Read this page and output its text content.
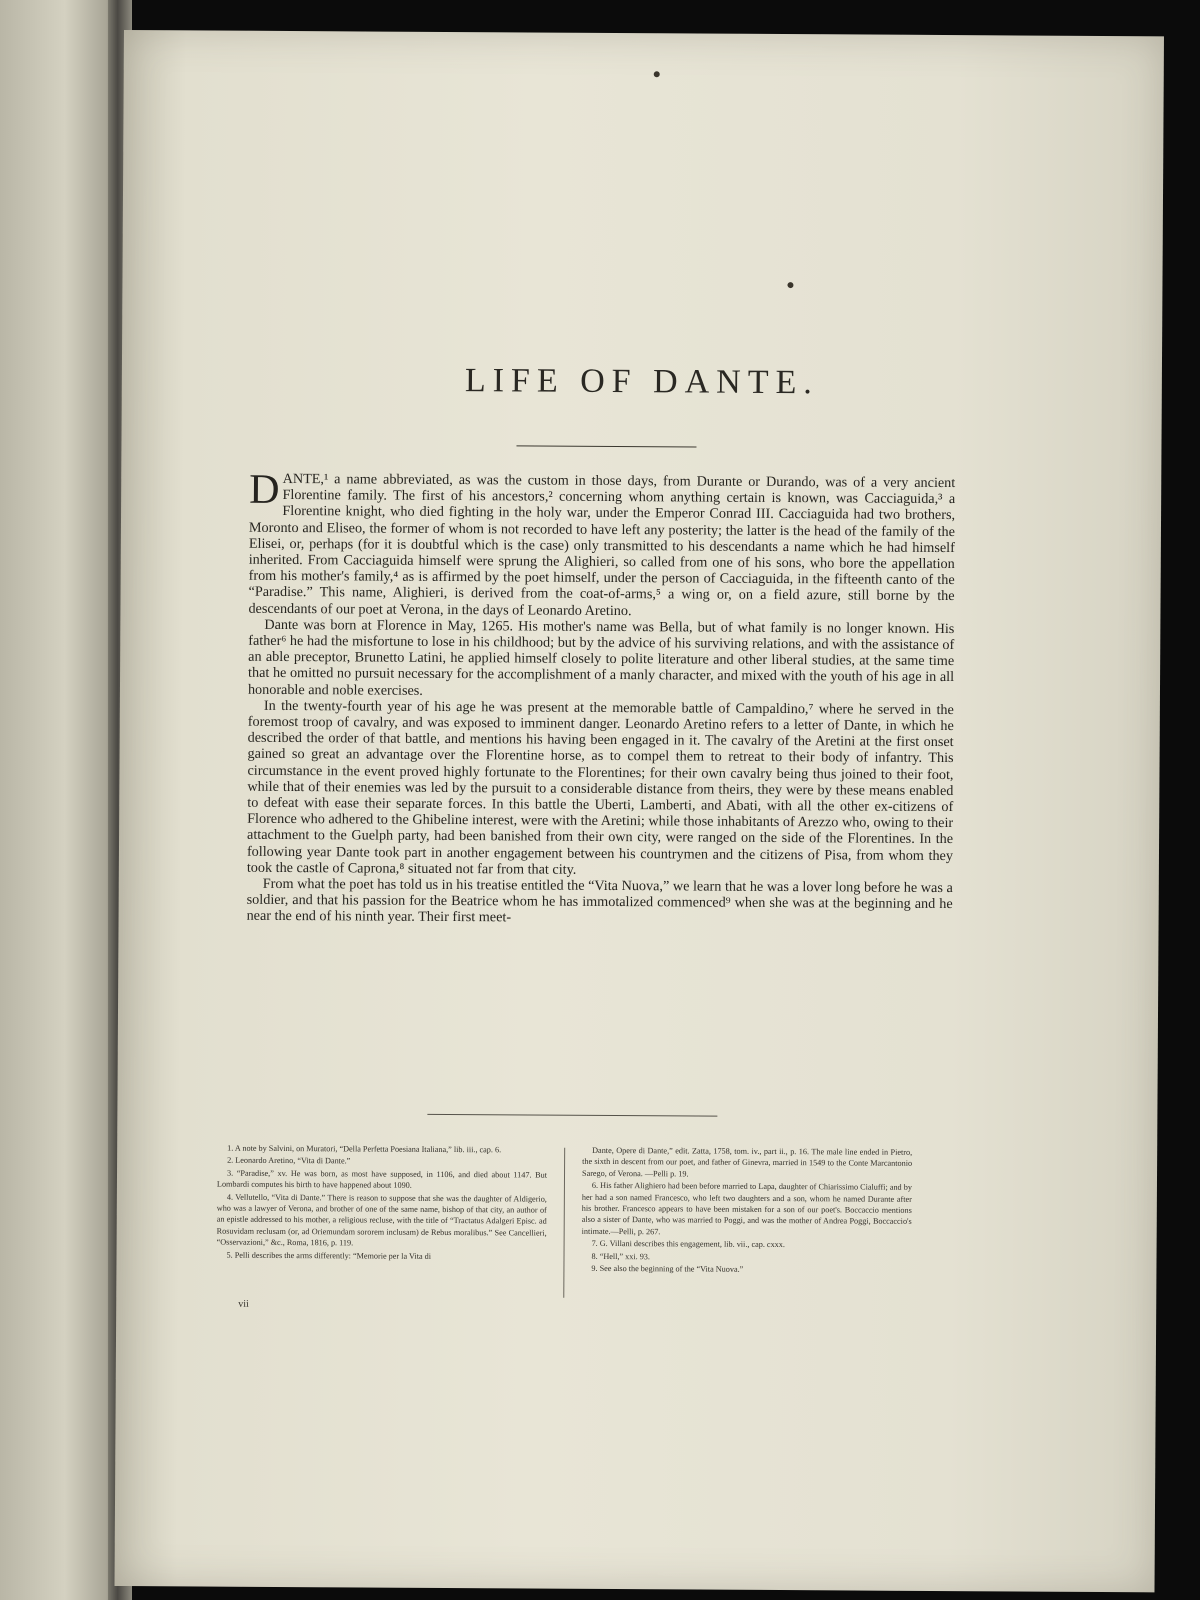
LIFE OF DANTE.

DANTE,¹ a name abbreviated, as was the custom in those days, from Durante or Durando, was of a very ancient Florentine family. The first of his ancestors,² concerning whom anything certain is known, was Cacciaguida,³ a Florentine knight, who died fighting in the holy war, under the Emperor Conrad III. Cacciaguida had two brothers, Moronto and Eliseo, the former of whom is not recorded to have left any posterity; the latter is the head of the family of the Elisei, or, perhaps (for it is doubtful which is the case) only transmitted to his descendants a name which he had himself inherited. From Cacciaguida himself were sprung the Alighieri, so called from one of his sons, who bore the appellation from his mother's family,⁴ as is affirmed by the poet himself, under the person of Cacciaguida, in the fifteenth canto of the “Paradise.” This name, Alighieri, is derived from the coat-of-arms,⁵ a wing or, on a field azure, still borne by the descendants of our poet at Verona, in the days of Leonardo Aretino.

Dante was born at Florence in May, 1265. His mother's name was Bella, but of what family is no longer known. His father⁶ he had the misfortune to lose in his childhood; but by the advice of his surviving relations, and with the assistance of an able preceptor, Brunetto Latini, he applied himself closely to polite literature and other liberal studies, at the same time that he omitted no pursuit necessary for the accomplishment of a manly character, and mixed with the youth of his age in all honorable and noble exercises.

In the twenty-fourth year of his age he was present at the memorable battle of Campaldino,⁷ where he served in the foremost troop of cavalry, and was exposed to imminent danger. Leonardo Aretino refers to a letter of Dante, in which he described the order of that battle, and mentions his having been engaged in it. The cavalry of the Aretini at the first onset gained so great an advantage over the Florentine horse, as to compel them to retreat to their body of infantry. This circumstance in the event proved highly fortunate to the Florentines; for their own cavalry being thus joined to their foot, while that of their enemies was led by the pursuit to a considerable distance from theirs, they were by these means enabled to defeat with ease their separate forces. In this battle the Uberti, Lamberti, and Abati, with all the other ex-citizens of Florence who adhered to the Ghibeline interest, were with the Aretini; while those inhabitants of Arezzo who, owing to their attachment to the Guelph party, had been banished from their own city, were ranged on the side of the Florentines. In the following year Dante took part in another engagement between his countrymen and the citizens of Pisa, from whom they took the castle of Caprona,⁸ situated not far from that city.

From what the poet has told us in his treatise entitled the “Vita Nuova,” we learn that he was a lover long before he was a soldier, and that his passion for the Beatrice whom he has immotalized commenced⁹ when she was at the beginning and he near the end of his ninth year. Their first meet-

1. A note by Salvini, on Muratori, “Della Perfetta Poesiana Italiana,” lib. iii., cap. 6.

2. Leonardo Aretino, “Vita di Dante.”

3. “Paradise,” xv. He was born, as most have supposed, in 1106, and died about 1147. But Lombardi computes his birth to have happened about 1090.

4. Vellutello, “Vita di Dante.” There is reason to suppose that she was the daughter of Aldigerio, who was a lawyer of Verona, and brother of one of the same name, bishop of that city, an author of an epistle addressed to his mother, a religious recluse, with the title of “Tractatus Adalgeri Episc. ad Rosuvidam reclusam (or, ad Oriemundam sororem inclusam) de Rebus moralibus.” See Cancellieri, “Osservazioni,” &c., Roma, 1816, p. 119.

5. Pelli describes the arms differently: “Memorie per la Vita di

Dante, Opere di Dante,” edit. Zatta, 1758, tom. iv., part ii., p. 16. The male line ended in Pietro, the sixth in descent from our poet, and father of Ginevra, married in 1549 to the Conte Marcantonio Sarego, of Verona. —Pelli p. 19.

6. His father Alighiero had been before married to Lapa, daughter of Chiarissimo Cialuffi; and by her had a son named Francesco, who left two daughters and a son, whom he named Durante after his brother. Francesco appears to have been mistaken for a son of our poet's. Boccaccio mentions also a sister of Dante, who was married to Poggi, and was the mother of Andrea Poggi, Boccaccio's intimate.—Pelli, p. 267.

7. G. Villani describes this engagement, lib. vii., cap. cxxx.

8. “Hell,” xxi. 93.

9. See also the beginning of the “Vita Nuova.”

vii
